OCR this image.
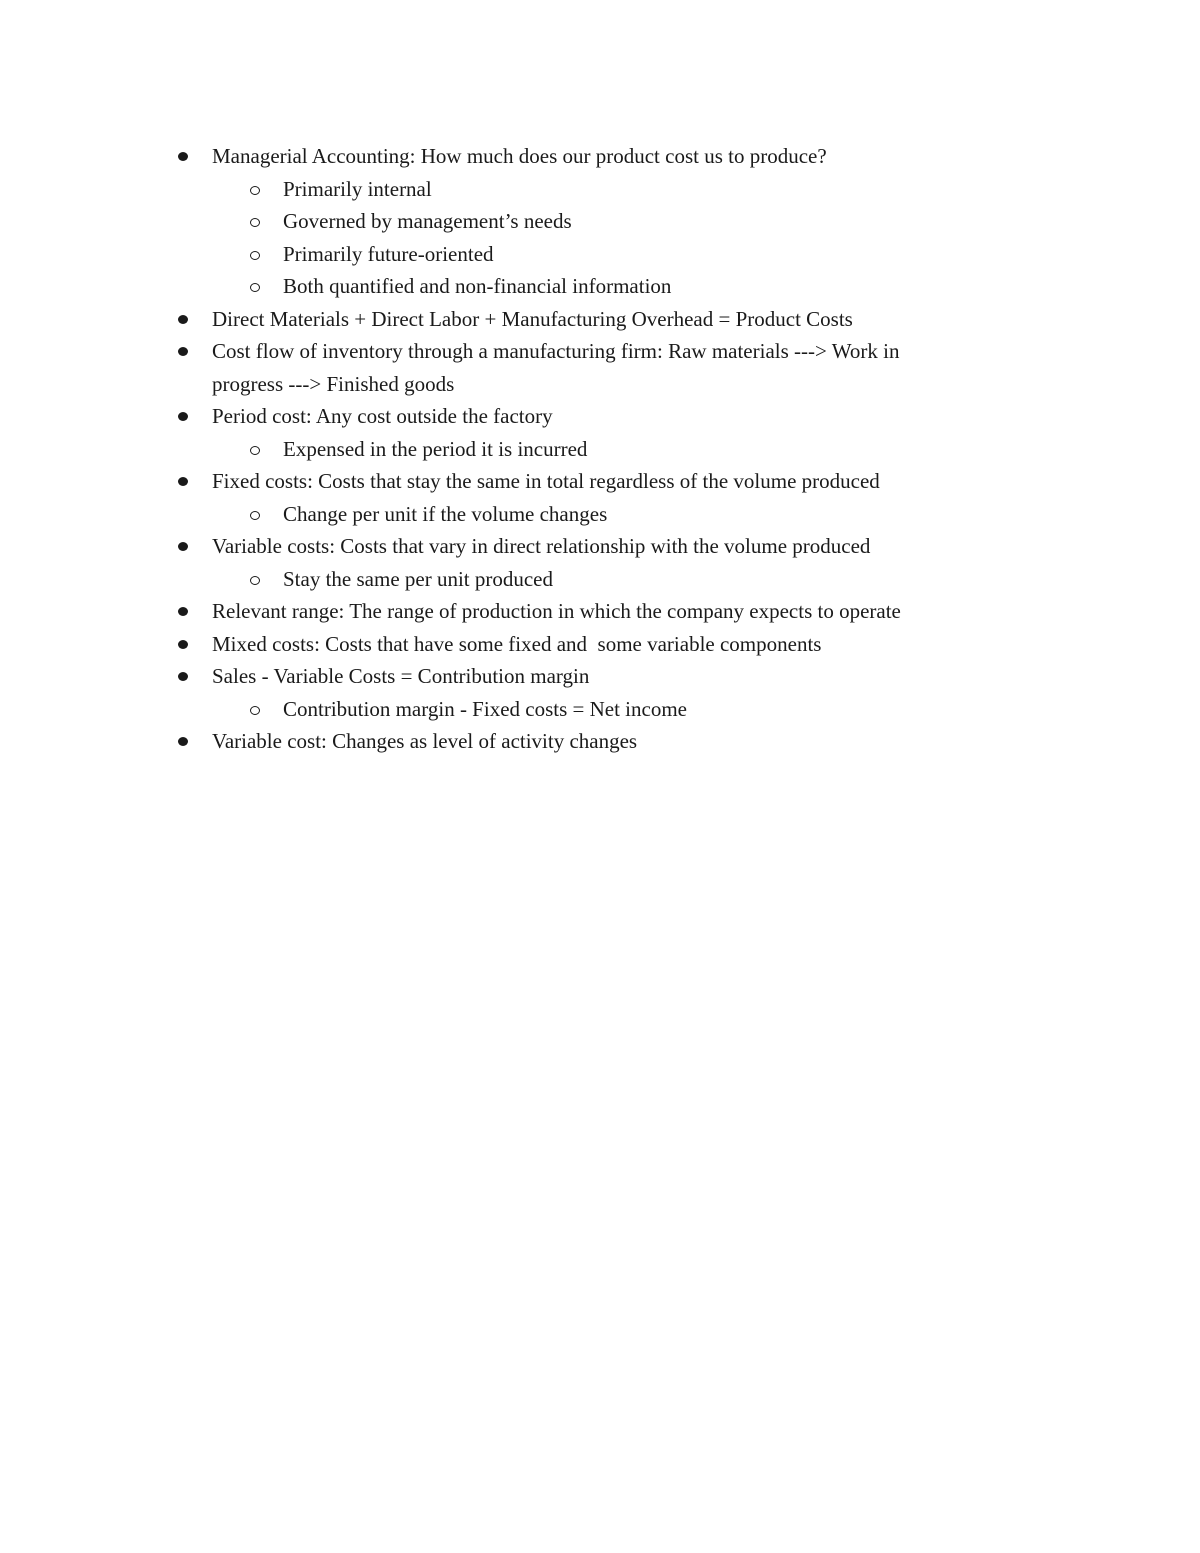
Managerial Accounting: How much does our product cost us to produce?
Primarily internal
Governed by management’s needs
Primarily future-oriented
Both quantified and non-financial information
Direct Materials + Direct Labor + Manufacturing Overhead = Product Costs
Cost flow of inventory through a manufacturing firm: Raw materials ---> Work in
progress ---> Finished goods
Period cost: Any cost outside the factory
Expensed in the period it is incurred
Fixed costs: Costs that stay the same in total regardless of the volume produced
Change per unit if the volume changes
Variable costs: Costs that vary in direct relationship with the volume produced
Stay the same per unit produced
Relevant range: The range of production in which the company expects to operate
Mixed costs: Costs that have some fixed and  some variable components
Sales - Variable Costs = Contribution margin
Contribution margin - Fixed costs = Net income
Variable cost: Changes as level of activity changes
